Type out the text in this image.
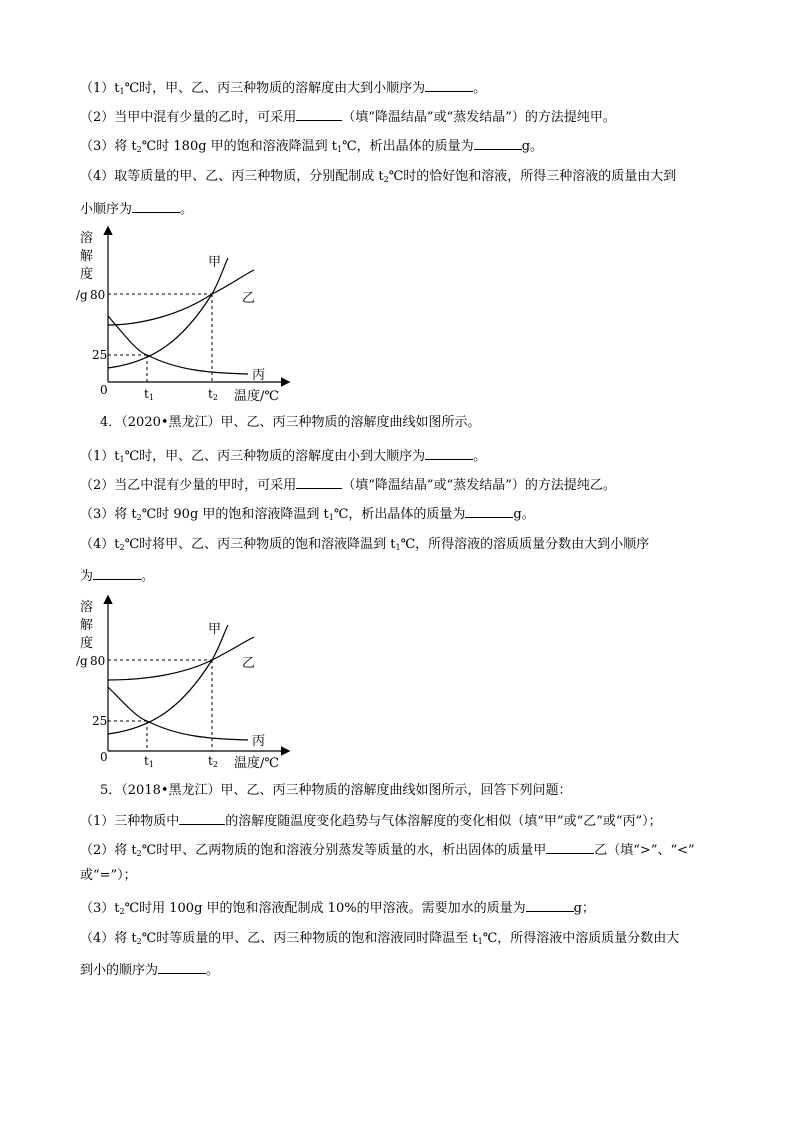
$(1)t_1℃$时，甲、乙、丙三种物质的溶解度由大到小顺序为	。
（2）当甲中混有少量的乙时，可采用	（填“降温结晶”或“蒸发结晶”）的方法提纯甲。
（3）将 $t_2℃$时 180g 甲的饱和溶液降温到 $t_1℃$，析出晶体的质量为	g。
（4）取等质量的甲、乙、丙三种物质，分别配制成 $t_2℃$时的恰好饱和溶液，所得三种溶液的质量由大到
小顺序为	。
溶
解
度
/g 80
25
0
甲
乙
丙
t1	t2 温度/℃
4．（2020•黑龙江）甲、乙、丙三种物质的溶解度曲线如图所示。
$(1)t_1℃$时，甲、乙、丙三种物质的溶解度由小到大顺序为	。
（2）当乙中混有少量的甲时，可采用	（填“降温结晶”或“蒸发结晶”）的方法提纯乙。
（3）将 $t_2℃$时 90g 甲的饱和溶液降温到 $t_1℃$，析出晶体的质量为	g。
$(4)t_2℃$时将甲、乙、丙三种物质的饱和溶液降温到 $t_1℃$，所得溶液的溶质质量分数由大到小顺序
为	。
溶
解
度
/g 80
25
0
甲
乙
丙
t1	t2 温度/℃
5．（2018•黑龙江）甲、乙、丙三种物质的溶解度曲线如图所示，回答下列问题：
（1）三种物质中	的溶解度随温度变化趋势与气体溶解度的变化相似（填“甲”或“乙”或“丙”）；
（2）将 $t_2℃$时甲、乙两物质的饱和溶液分别蒸发等质量的水，析出固体的质量甲	乙（填“>”、“<”
或“=”）；
$(3)t_2℃$时用 100g 甲的饱和溶液配制成 10%的甲溶液。需要加水的质量为	g；
（4）将 $t_2℃$时等质量的甲、乙、丙三种物质的饱和溶液同时降温至 $t_1℃$，所得溶液中溶质质量分数由大
到小的顺序为	。
